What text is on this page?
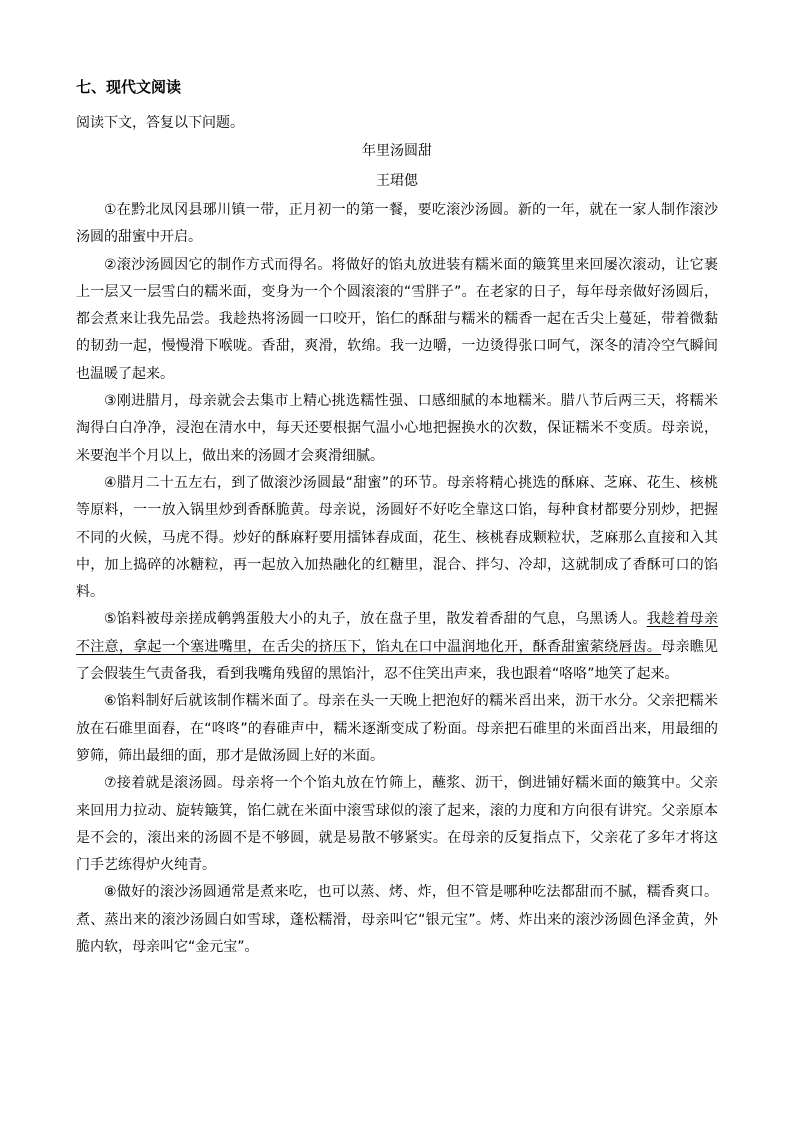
七、现代文阅读

阅读下文，答复以下问题。

年里汤圆甜

王珺偲

①在黔北凤冈县琊川镇一带，正月初一的第一餐，要吃滚沙汤圆。新的一年，就在一家人制作滚沙汤圆的甜蜜中开启。

②滚沙汤圆因它的制作方式而得名。将做好的馅丸放进装有糯米面的簸箕里来回屡次滚动，让它裹上一层又一层雪白的糯米面，变身为一个个圆滚滚的“雪胖子”。在老家的日子，每年母亲做好汤圆后，都会煮来让我先品尝。我趁热将汤圆一口咬开，馅仁的酥甜与糯米的糯香一起在舌尖上蔓延，带着微黏的韧劲一起，慢慢滑下喉咙。香甜，爽滑，软绵。我一边嚼，一边烫得张口呵气，深冬的清冷空气瞬间也温暖了起来。

③刚进腊月，母亲就会去集市上精心挑选糯性强、口感细腻的本地糯米。腊八节后两三天，将糯米淘得白白净净，浸泡在清水中，每天还要根据气温小心地把握换水的次数，保证糯米不变质。母亲说，米要泡半个月以上，做出来的汤圆才会爽滑细腻。

④腊月二十五左右，到了做滚沙汤圆最“甜蜜”的环节。母亲将精心挑选的酥麻、芝麻、花生、核桃等原料，一一放入锅里炒到香酥脆黄。母亲说，汤圆好不好吃全靠这口馅，每种食材都要分别炒，把握不同的火候，马虎不得。炒好的酥麻籽要用擂钵舂成面，花生、核桃舂成颗粒状，芝麻那么直接和入其中，加上捣碎的冰糖粒，再一起放入加热融化的红糖里，混合、拌匀、冷却，这就制成了香酥可口的馅料。

⑤馅料被母亲搓成鹌鹑蛋般大小的丸子，放在盘子里，散发着香甜的气息，乌黑诱人。我趁着母亲不注意，拿起一个塞进嘴里，在舌尖的挤压下，馅丸在口中温润地化开，酥香甜蜜萦绕唇齿。母亲瞧见了会假装生气责备我，看到我嘴角残留的黑馅汁，忍不住笑出声来，我也跟着“咯咯”地笑了起来。

⑥馅料制好后就该制作糯米面了。母亲在头一天晚上把泡好的糯米舀出来，沥干水分。父亲把糯米放在石碓里面舂，在“咚咚”的舂碓声中，糯米逐渐变成了粉面。母亲把石碓里的米面舀出来，用最细的箩筛，筛出最细的面，那才是做汤圆上好的米面。

⑦接着就是滚汤圆。母亲将一个个馅丸放在竹筛上，蘸浆、沥干，倒进铺好糯米面的簸箕中。父亲来回用力拉动、旋转簸箕，馅仁就在米面中滚雪球似的滚了起来，滚的力度和方向很有讲究。父亲原本是不会的，滚出来的汤圆不是不够圆，就是易散不够紧实。在母亲的反复指点下，父亲花了多年才将这门手艺练得炉火纯青。

⑧做好的滚沙汤圆通常是煮来吃，也可以蒸、烤、炸，但不管是哪种吃法都甜而不腻，糯香爽口。煮、蒸出来的滚沙汤圆白如雪球，蓬松糯滑，母亲叫它“银元宝”。烤、炸出来的滚沙汤圆色泽金黄，外脆内软，母亲叫它“金元宝”。
